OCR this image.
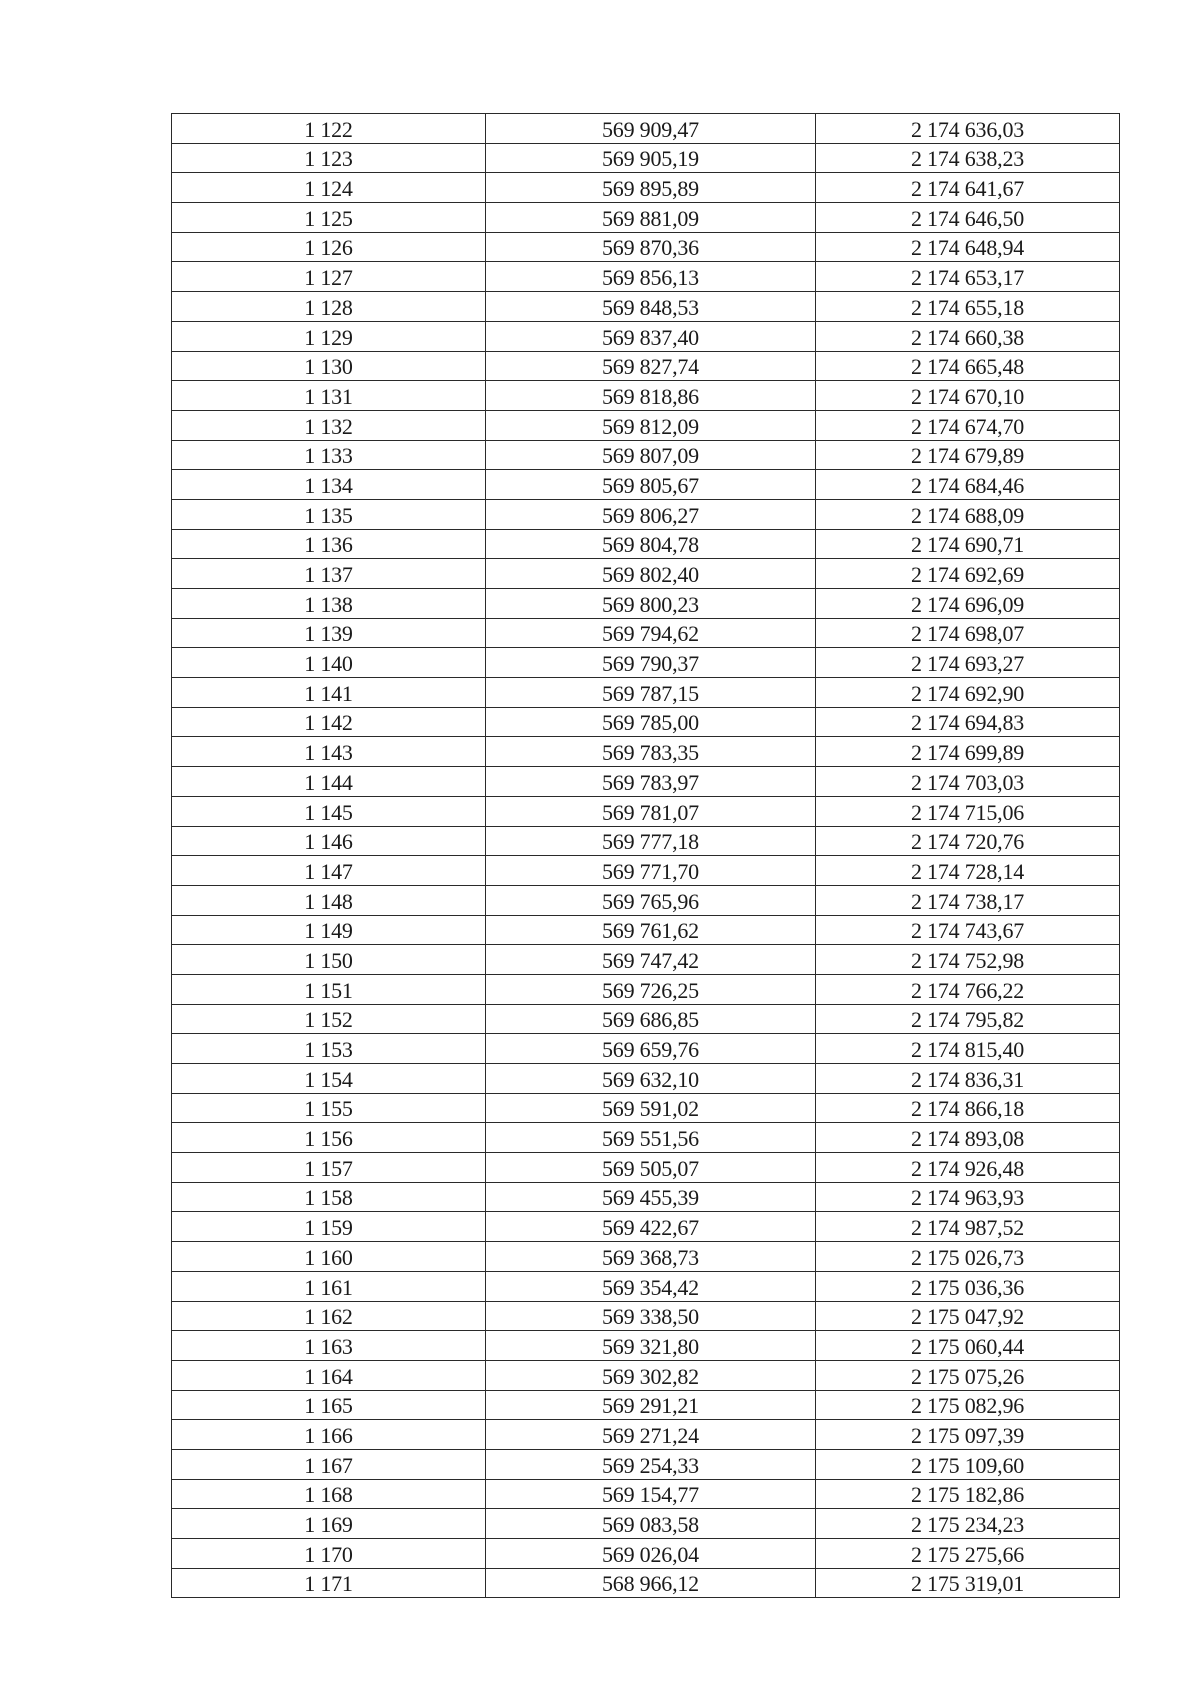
1 122	569 909,47	2 174 636,03
1 123	569 905,19	2 174 638,23
1 124	569 895,89	2 174 641,67
1 125	569 881,09	2 174 646,50
1 126	569 870,36	2 174 648,94
1 127	569 856,13	2 174 653,17
1 128	569 848,53	2 174 655,18
1 129	569 837,40	2 174 660,38
1 130	569 827,74	2 174 665,48
1 131	569 818,86	2 174 670,10
1 132	569 812,09	2 174 674,70
1 133	569 807,09	2 174 679,89
1 134	569 805,67	2 174 684,46
1 135	569 806,27	2 174 688,09
1 136	569 804,78	2 174 690,71
1 137	569 802,40	2 174 692,69
1 138	569 800,23	2 174 696,09
1 139	569 794,62	2 174 698,07
1 140	569 790,37	2 174 693,27
1 141	569 787,15	2 174 692,90
1 142	569 785,00	2 174 694,83
1 143	569 783,35	2 174 699,89
1 144	569 783,97	2 174 703,03
1 145	569 781,07	2 174 715,06
1 146	569 777,18	2 174 720,76
1 147	569 771,70	2 174 728,14
1 148	569 765,96	2 174 738,17
1 149	569 761,62	2 174 743,67
1 150	569 747,42	2 174 752,98
1 151	569 726,25	2 174 766,22
1 152	569 686,85	2 174 795,82
1 153	569 659,76	2 174 815,40
1 154	569 632,10	2 174 836,31
1 155	569 591,02	2 174 866,18
1 156	569 551,56	2 174 893,08
1 157	569 505,07	2 174 926,48
1 158	569 455,39	2 174 963,93
1 159	569 422,67	2 174 987,52
1 160	569 368,73	2 175 026,73
1 161	569 354,42	2 175 036,36
1 162	569 338,50	2 175 047,92
1 163	569 321,80	2 175 060,44
1 164	569 302,82	2 175 075,26
1 165	569 291,21	2 175 082,96
1 166	569 271,24	2 175 097,39
1 167	569 254,33	2 175 109,60
1 168	569 154,77	2 175 182,86
1 169	569 083,58	2 175 234,23
1 170	569 026,04	2 175 275,66
1 171	568 966,12	2 175 319,01
